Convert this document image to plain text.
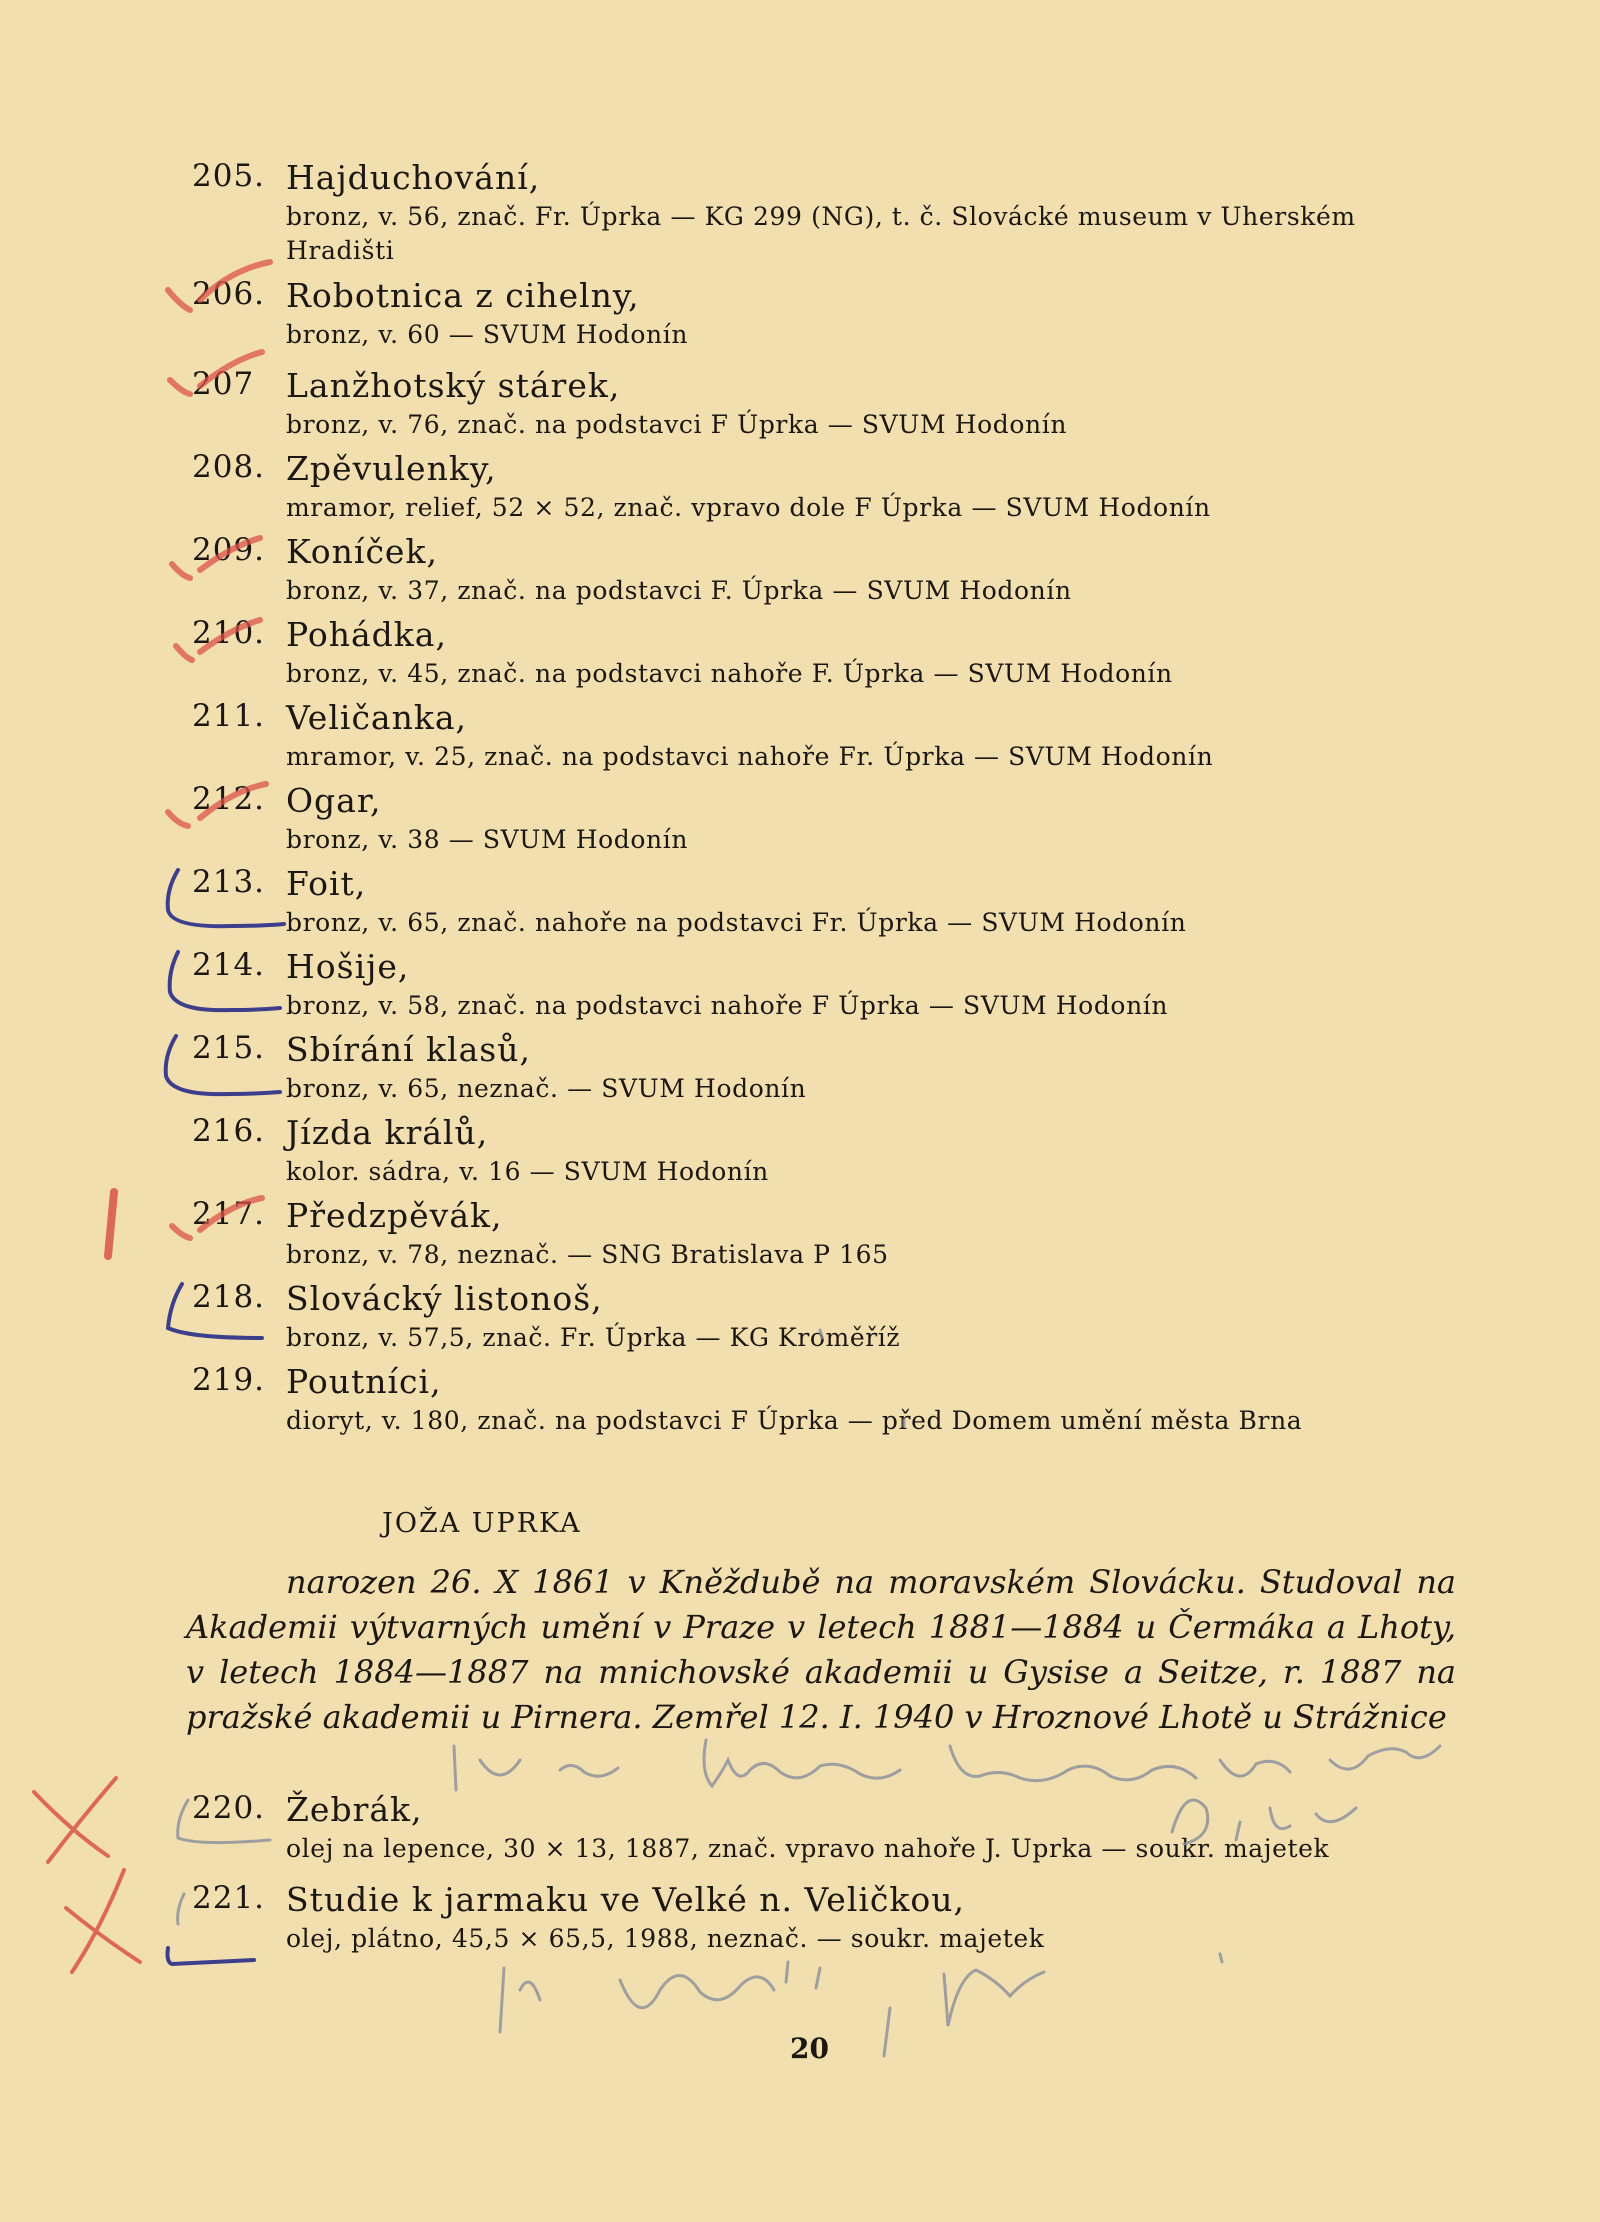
205. Hajduchování,
bronz, v. 56, znač. Fr. Úprka — KG 299 (NG), t. č. Slovácké museum v Uherském Hradišti
206. Robotnica z cihelny,
bronz, v. 60 — SVUM Hodonín
207 Lanžhotský stárek,
bronz, v. 76, znač. na podstavci F Úprka — SVUM Hodonín
208. Zpěvulenky,
mramor, relief, 52 × 52, znač. vpravo dole F Úprka — SVUM Hodonín
209. Koníček,
bronz, v. 37, znač. na podstavci F. Úprka — SVUM Hodonín
210. Pohádka,
bronz, v. 45, znač. na podstavci nahoře F. Úprka — SVUM Hodonín
211. Veličanka,
mramor, v. 25, znač. na podstavci nahoře Fr. Úprka — SVUM Hodonín
212. Ogar,
bronz, v. 38 — SVUM Hodonín
213. Foit,
bronz, v. 65, znač. nahoře na podstavci Fr. Úprka — SVUM Hodonín
214. Hošije,
bronz, v. 58, znač. na podstavci nahoře F Úprka — SVUM Hodonín
215. Sbírání klasů,
bronz, v. 65, neznač. — SVUM Hodonín
216. Jízda králů,
kolor. sádra, v. 16 — SVUM Hodonín
217. Předzpěvák,
bronz, v. 78, neznač. — SNG Bratislava P 165
218. Slovácký listonoš,
bronz, v. 57,5, znač. Fr. Úprka — KG Kroměříž
219. Poutníci,
dioryt, v. 180, znač. na podstavci F Úprka — před Domem umění města Brna
JOŽA UPRKA
narozen 26. X 1861 v Kněždubě na moravském Slovácku. Studoval na Akademii výtvarných umění v Praze v letech 1881—1884 u Čermáka a Lhoty, v letech 1884—1887 na mnichovské akademii u Gysise a Seitze, r. 1887 na pražské akademii u Pirnera. Zemřel 12. I. 1940 v Hroznové Lhotě u Strážnice
220. Žebrák,
olej na lepence, 30 × 13, 1887, znač. vpravo nahoře J. Uprka — soukr. majetek
221. Studie k jarmaku ve Velké n. Veličkou,
olej, plátno, 45,5 × 65,5, 1988, neznač. — soukr. majetek
20
